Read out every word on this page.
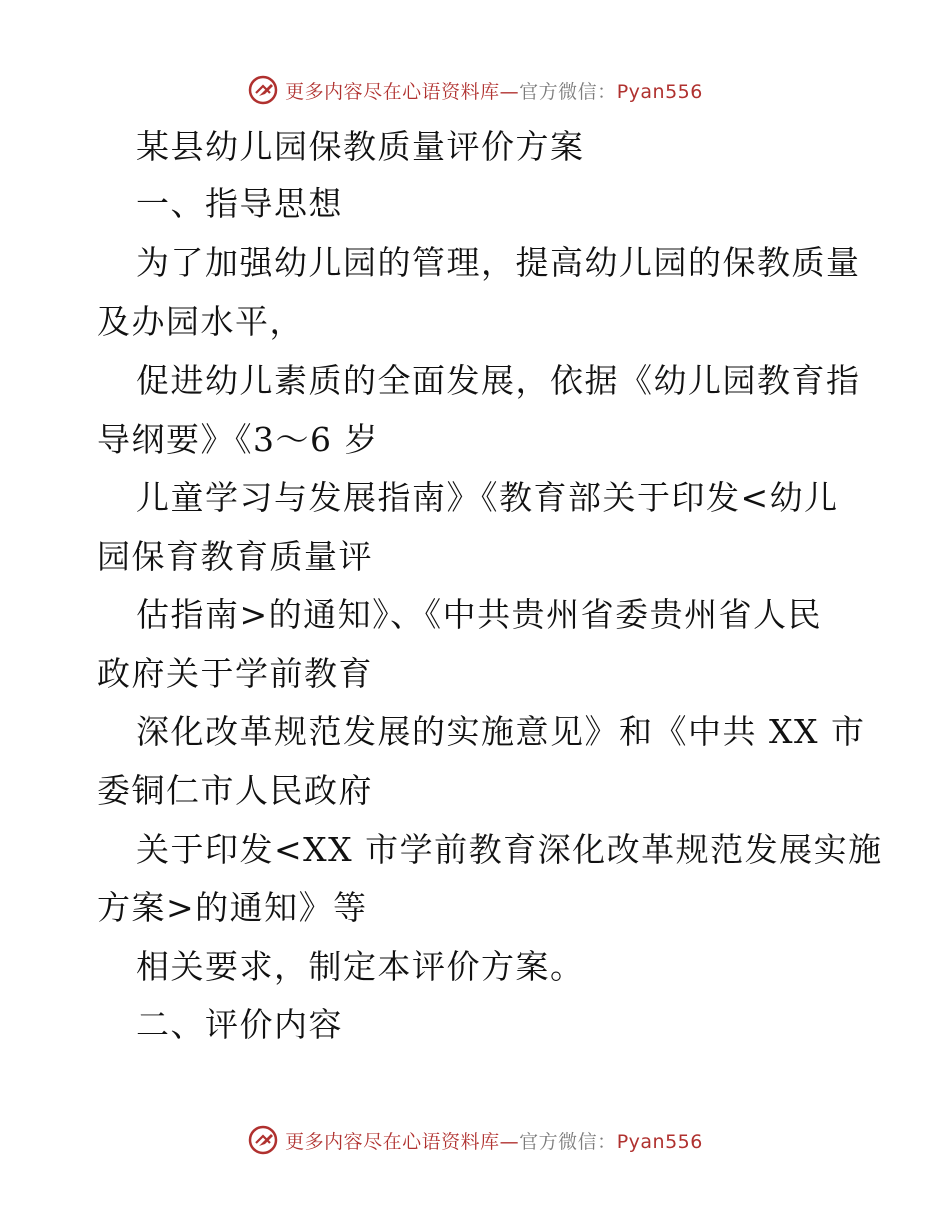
更多内容尽在心语资料库—官方微信：Pyan556
某县幼儿园保教质量评价方案
一、指导思想
为了加强幼儿园的管理，提高幼儿园的保教质量
及办园水平，
促进幼儿素质的全面发展，依据《幼儿园教育指
导纲要》《3～6 岁
儿童学习与发展指南》《教育部关于印发<幼儿
园保育教育质量评
估指南>的通知》、《中共贵州省委贵州省人民
政府关于学前教育
深化改革规范发展的实施意见》和《中共 XX 市
委铜仁市人民政府
关于印发<XX 市学前教育深化改革规范发展实施
方案>的通知》等
相关要求，制定本评价方案。
二、评价内容
更多内容尽在心语资料库—官方微信：Pyan556
